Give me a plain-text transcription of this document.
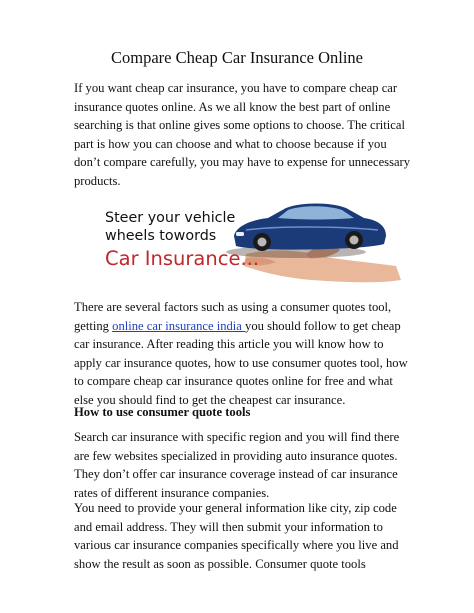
Compare Cheap Car Insurance Online

If you want cheap car insurance, you have to compare cheap car insurance quotes online. As we all know the best part of online searching is that online gives some options to choose. The critical part is how you can choose and what to choose because if you don’t compare carefully, you may have to expense for unnecessary products.

Steer your vehicle
wheels towords
Car Insurance...

There are several factors such as using a consumer quotes tool, getting online car insurance india you should follow to get cheap car insurance. After reading this article you will know how to apply car insurance quotes, how to use consumer quotes tool, how to compare cheap car insurance quotes online for free and what else you should find to get the cheapest car insurance.

How to use consumer quote tools

Search car insurance with specific region and you will find there are few websites specialized in providing auto insurance quotes. They don’t offer car insurance coverage instead of car insurance rates of different insurance companies.

You need to provide your general information like city, zip code and email address. They will then submit your information to various car insurance companies specifically where you live and show the result as soon as possible. Consumer quote tools
